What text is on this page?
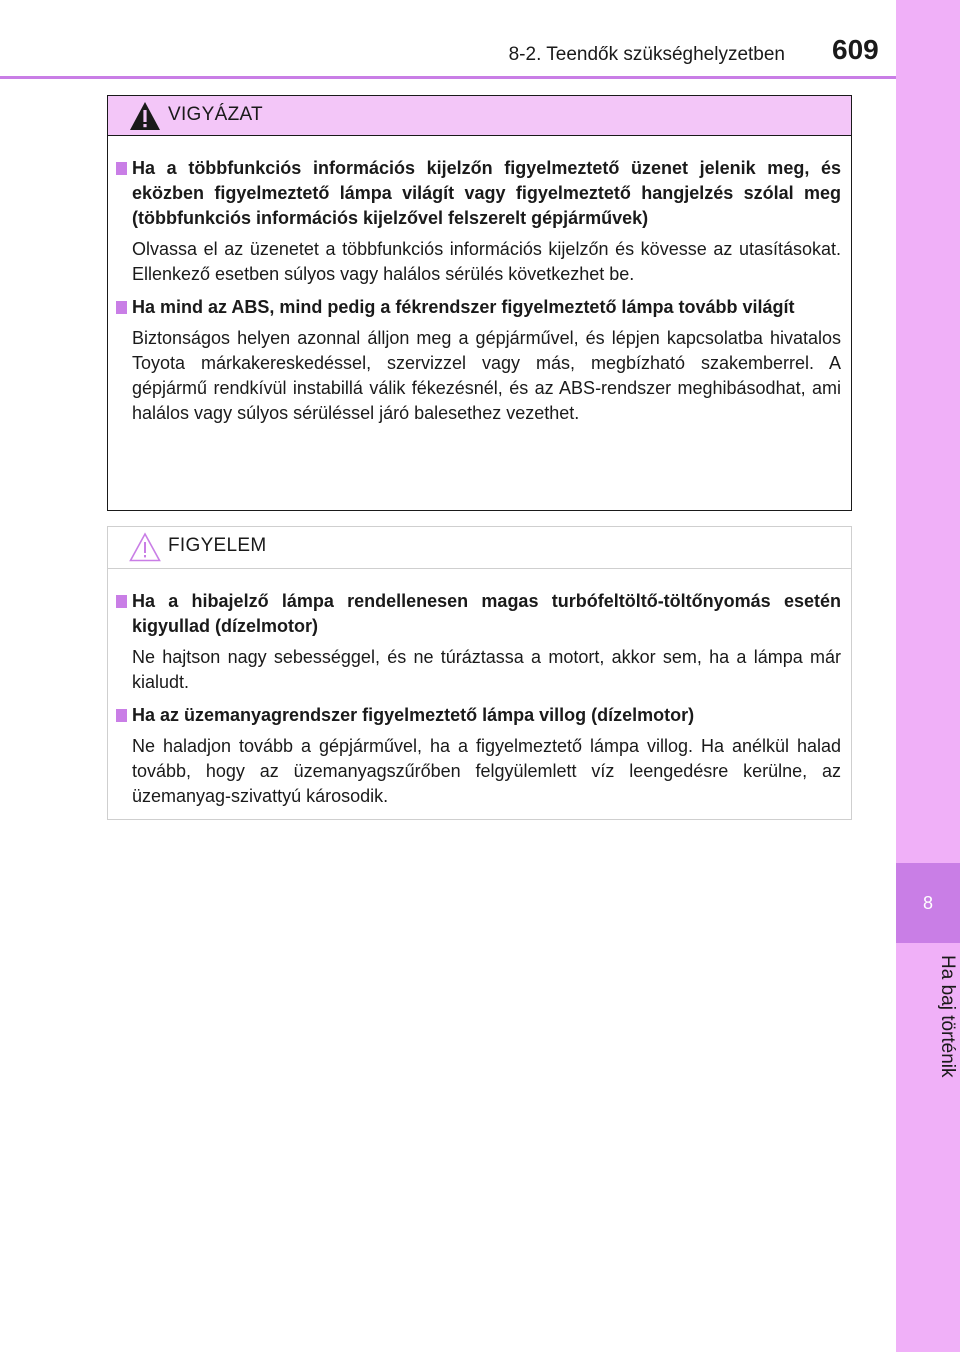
8-2. Teendők szükséghelyzetben 609
8
Ha baj történik
VIGYÁZAT
Ha a többfunkciós információs kijelzőn figyelmeztető üzenet jelenik meg, és eközben figyelmeztető lámpa világít vagy figyelmeztető hangjelzés szólal meg (többfunkciós információs kijelzővel felszerelt gépjárművek)
Olvassa el az üzenetet a többfunkciós információs kijelzőn és kövesse az utasításokat. Ellenkező esetben súlyos vagy halálos sérülés következhet be.
Ha mind az ABS, mind pedig a fékrendszer figyelmeztető lámpa tovább világít
Biztonságos helyen azonnal álljon meg a gépjárművel, és lépjen kapcsolatba hivatalos Toyota márkakereskedéssel, szervizzel vagy más, megbízható szakemberrel. A gépjármű rendkívül instabillá válik fékezésnél, és az ABS-rendszer meghibásodhat, ami halálos vagy súlyos sérüléssel járó balesethez vezethet.
FIGYELEM
Ha a hibajelző lámpa rendellenesen magas turbófeltöltő-töltőnyomás esetén kigyullad (dízelmotor)
Ne hajtson nagy sebességgel, és ne túráztassa a motort, akkor sem, ha a lámpa már kialudt.
Ha az üzemanyagrendszer figyelmeztető lámpa villog (dízelmotor)
Ne haladjon tovább a gépjárművel, ha a figyelmeztető lámpa villog. Ha anélkül halad tovább, hogy az üzemanyagszűrőben felgyülemlett víz leengedésre kerülne, az üzemanyag-szivattyú károsodik.
